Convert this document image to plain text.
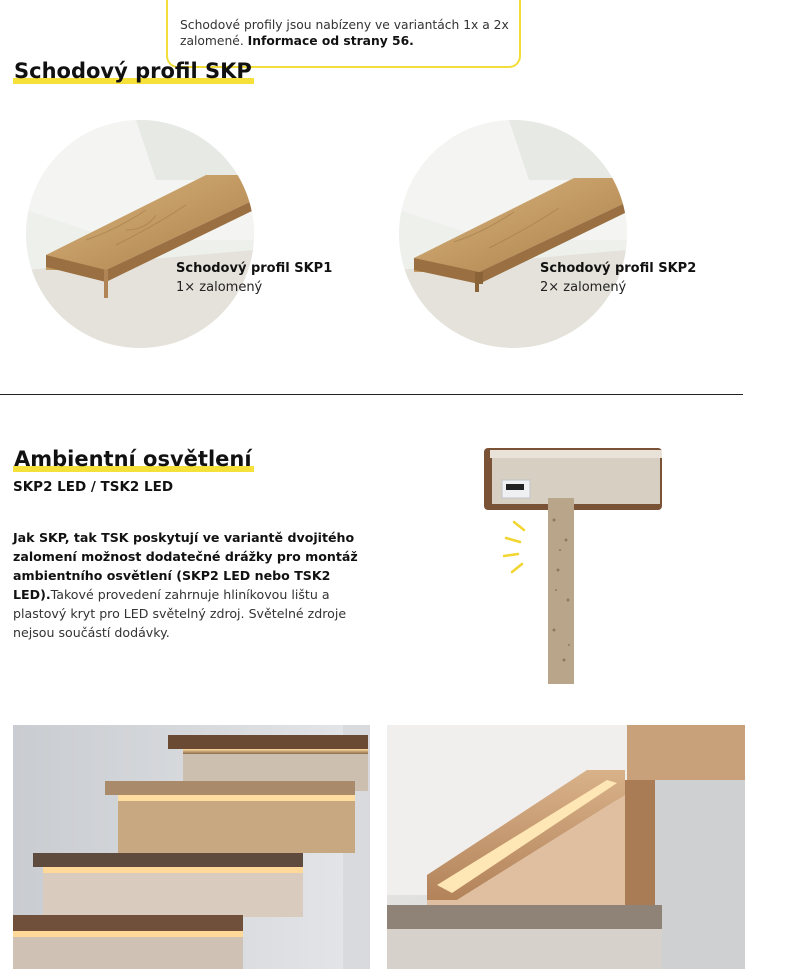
Schodové profily jsou nabízeny ve variantách 1x a 2x zalomené. Informace od strany 56.
Schodový profil SKP
Schodový profil SKP1
1× zalomený
Schodový profil SKP2
2× zalomený
Ambientní osvětlení
SKP2 LED / TSK2 LED
Jak SKP, tak TSK poskytují ve variantě dvojitého zalomení možnost dodatečné drážky pro montáž ambientního osvětlení (SKP2 LED nebo TSK2 LED).Takové provedení zahrnuje hliníkovou lištu a plastový kryt pro LED světelný zdroj. Světelné zdroje nejsou součástí dodávky.
